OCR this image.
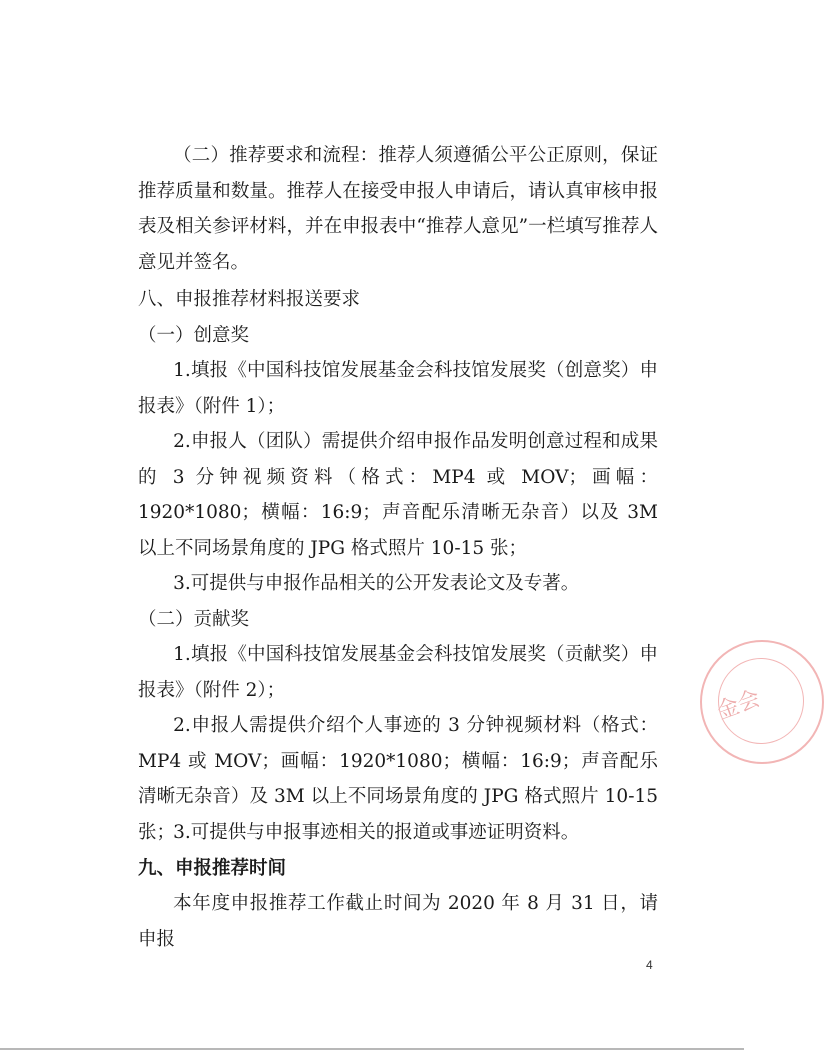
（二）推荐要求和流程：推荐人须遵循公平公正原则，保证推荐质量和数量。推荐人在接受申报人申请后，请认真审核申报表及相关参评材料，并在申报表中“推荐人意见”一栏填写推荐人意见并签名。

八、申报推荐材料报送要求

（一）创意奖

1.填报《中国科技馆发展基金会科技馆发展奖（创意奖）申报表》（附件 1）；

2.申报人（团队）需提供介绍申报作品发明创意过程和成果的 3 分钟视频资料（格式：MP4 或 MOV；画幅：1920*1080；横幅：16:9；声音配乐清晰无杂音）以及 3M 以上不同场景角度的 JPG 格式照片 10-15 张；

3.可提供与申报作品相关的公开发表论文及专著。

（二）贡献奖

1.填报《中国科技馆发展基金会科技馆发展奖（贡献奖）申报表》（附件 2）；

2.申报人需提供介绍个人事迹的 3 分钟视频材料（格式：MP4 或 MOV；画幅：1920*1080；横幅：16:9；声音配乐清晰无杂音）及 3M 以上不同场景角度的 JPG 格式照片 10-15 张；

3.可提供与申报事迹相关的报道或事迹证明资料。

九、申报推荐时间

本年度申报推荐工作截止时间为 2020 年 8 月 31 日，请申报

金会
4
